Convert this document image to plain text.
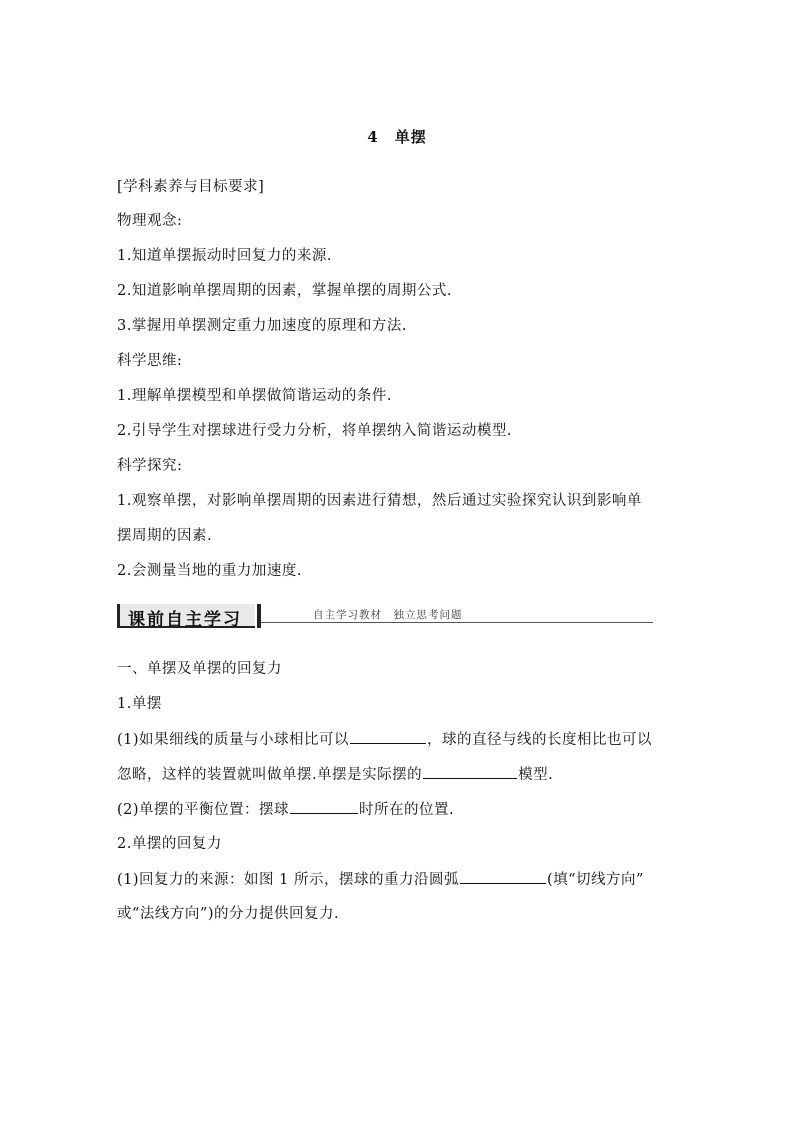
4　单摆
[学科素养与目标要求]
物理观念:
1.知道单摆振动时回复力的来源.
2.知道影响单摆周期的因素，掌握单摆的周期公式.
3.掌握用单摆测定重力加速度的原理和方法.
科学思维:
1.理解单摆模型和单摆做简谐运动的条件.
2.引导学生对摆球进行受力分析，将单摆纳入简谐运动模型.
科学探究:
1.观察单摆，对影响单摆周期的因素进行猜想，然后通过实验探究认识到影响单
摆周期的因素.
2.会测量当地的重力加速度.
课前自主学习	自主学习教材　独立思考问题
一、单摆及单摆的回复力
1.单摆
(1)如果细线的质量与小球相比可以	，球的直径与线的长度相比也可以
忽略，这样的装置就叫做单摆.单摆是实际摆的	模型.
(2)单摆的平衡位置：摆球	时所在的位置.
2.单摆的回复力
(1)回复力的来源：如图 1 所示，摆球的重力沿圆弧	(填“切线方向”
或“法线方向”)的分力提供回复力.
